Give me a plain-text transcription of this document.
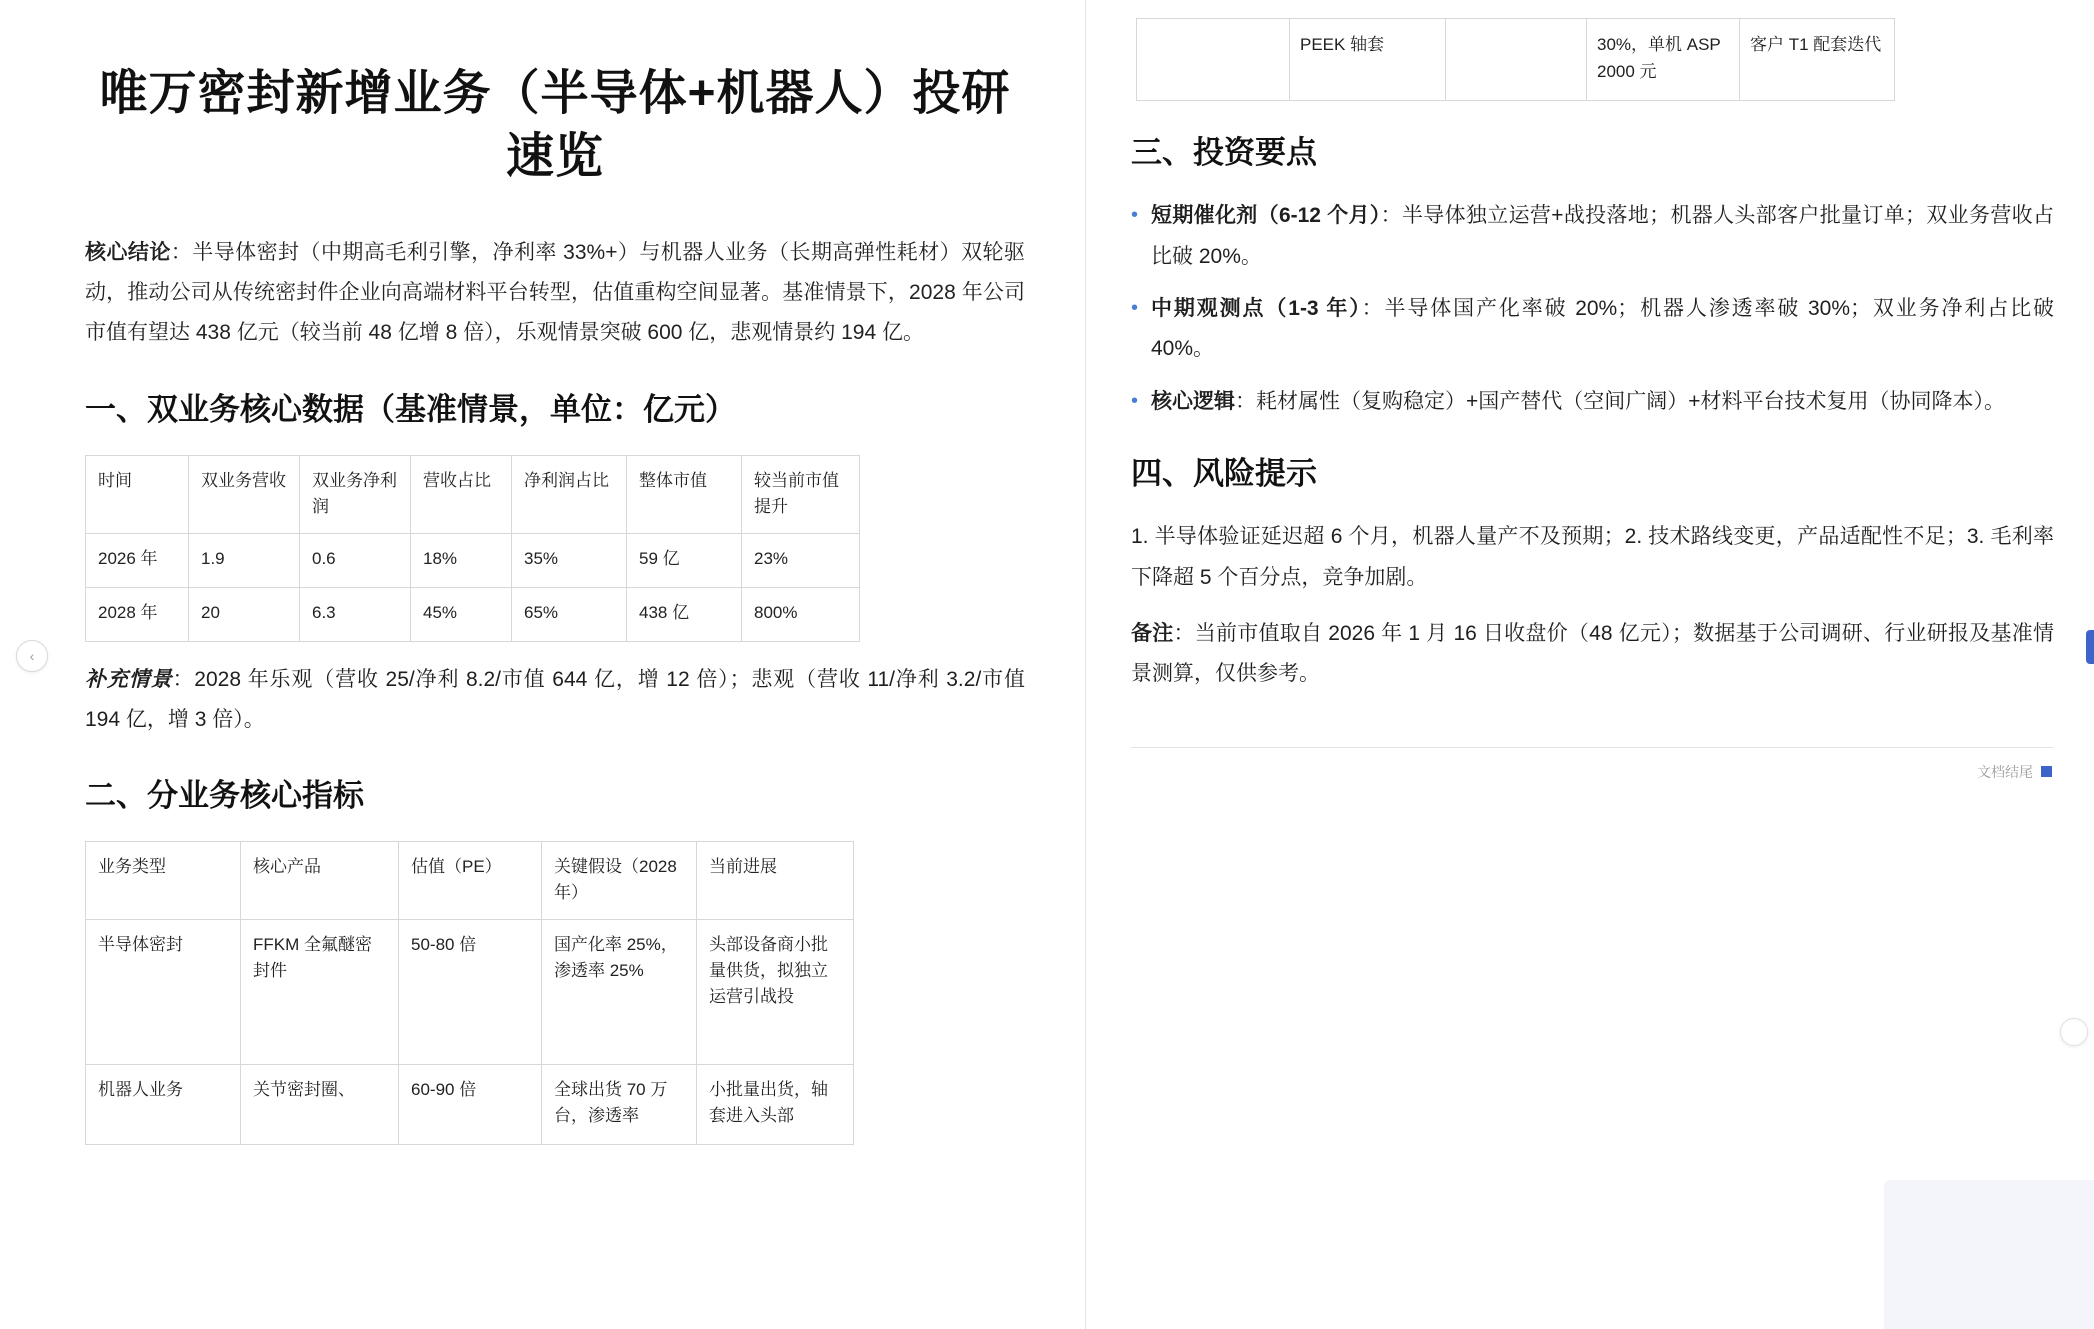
唯万密封新增业务（半导体+机器人）投研速览

核心结论：半导体密封（中期高毛利引擎，净利率 33%+）与机器人业务（长期高弹性耗材）双轮驱动，推动公司从传统密封件企业向高端材料平台转型，估值重构空间显著。基准情景下，2028 年公司市值有望达 438 亿元（较当前 48 亿增 8 倍），乐观情景突破 600 亿，悲观情景约 194 亿。

一、双业务核心数据（基准情景，单位：亿元）
时间	双业务营收	双业务净利润	营收占比	净利润占比	整体市值	较当前市值提升
2026 年	1.9	0.6	18%	35%	59 亿	23%
2028 年	20	6.3	45%	65%	438 亿	800%

补充情景：2028 年乐观（营收 25/净利 8.2/市值 644 亿，增 12 倍）；悲观（营收 11/净利 3.2/市值 194 亿，增 3 倍）。

二、分业务核心指标
业务类型	核心产品	估值（PE）	关键假设（2028 年）	当前进展
半导体密封	FFKM 全氟醚密封件	50-80 倍	国产化率 25%，渗透率 25%	头部设备商小批量供货，拟独立运营引战投
机器人业务	关节密封圈、	60-90 倍	全球出货 70 万台，渗透率	小批量出货，轴套进入头部
‹
	PEEK 轴套		30%，单机 ASP 2000 元	客户 T1 配套迭代
三、投资要点
• 短期催化剂（6-12 个月）：半导体独立运营+战投落地；机器人头部客户批量订单；双业务营收占比破 20%。
• 中期观测点（1-3 年）：半导体国产化率破 20%；机器人渗透率破 30%；双业务净利占比破 40%。
• 核心逻辑：耗材属性（复购稳定）+国产替代（空间广阔）+材料平台技术复用（协同降本）。
四、风险提示

1. 半导体验证延迟超 6 个月，机器人量产不及预期；2. 技术路线变更，产品适配性不足；3. 毛利率下降超 5 个百分点，竞争加剧。

备注：当前市值取自 2026 年 1 月 16 日收盘价（48 亿元）；数据基于公司调研、行业研报及基准情景测算，仅供参考。

文档结尾
